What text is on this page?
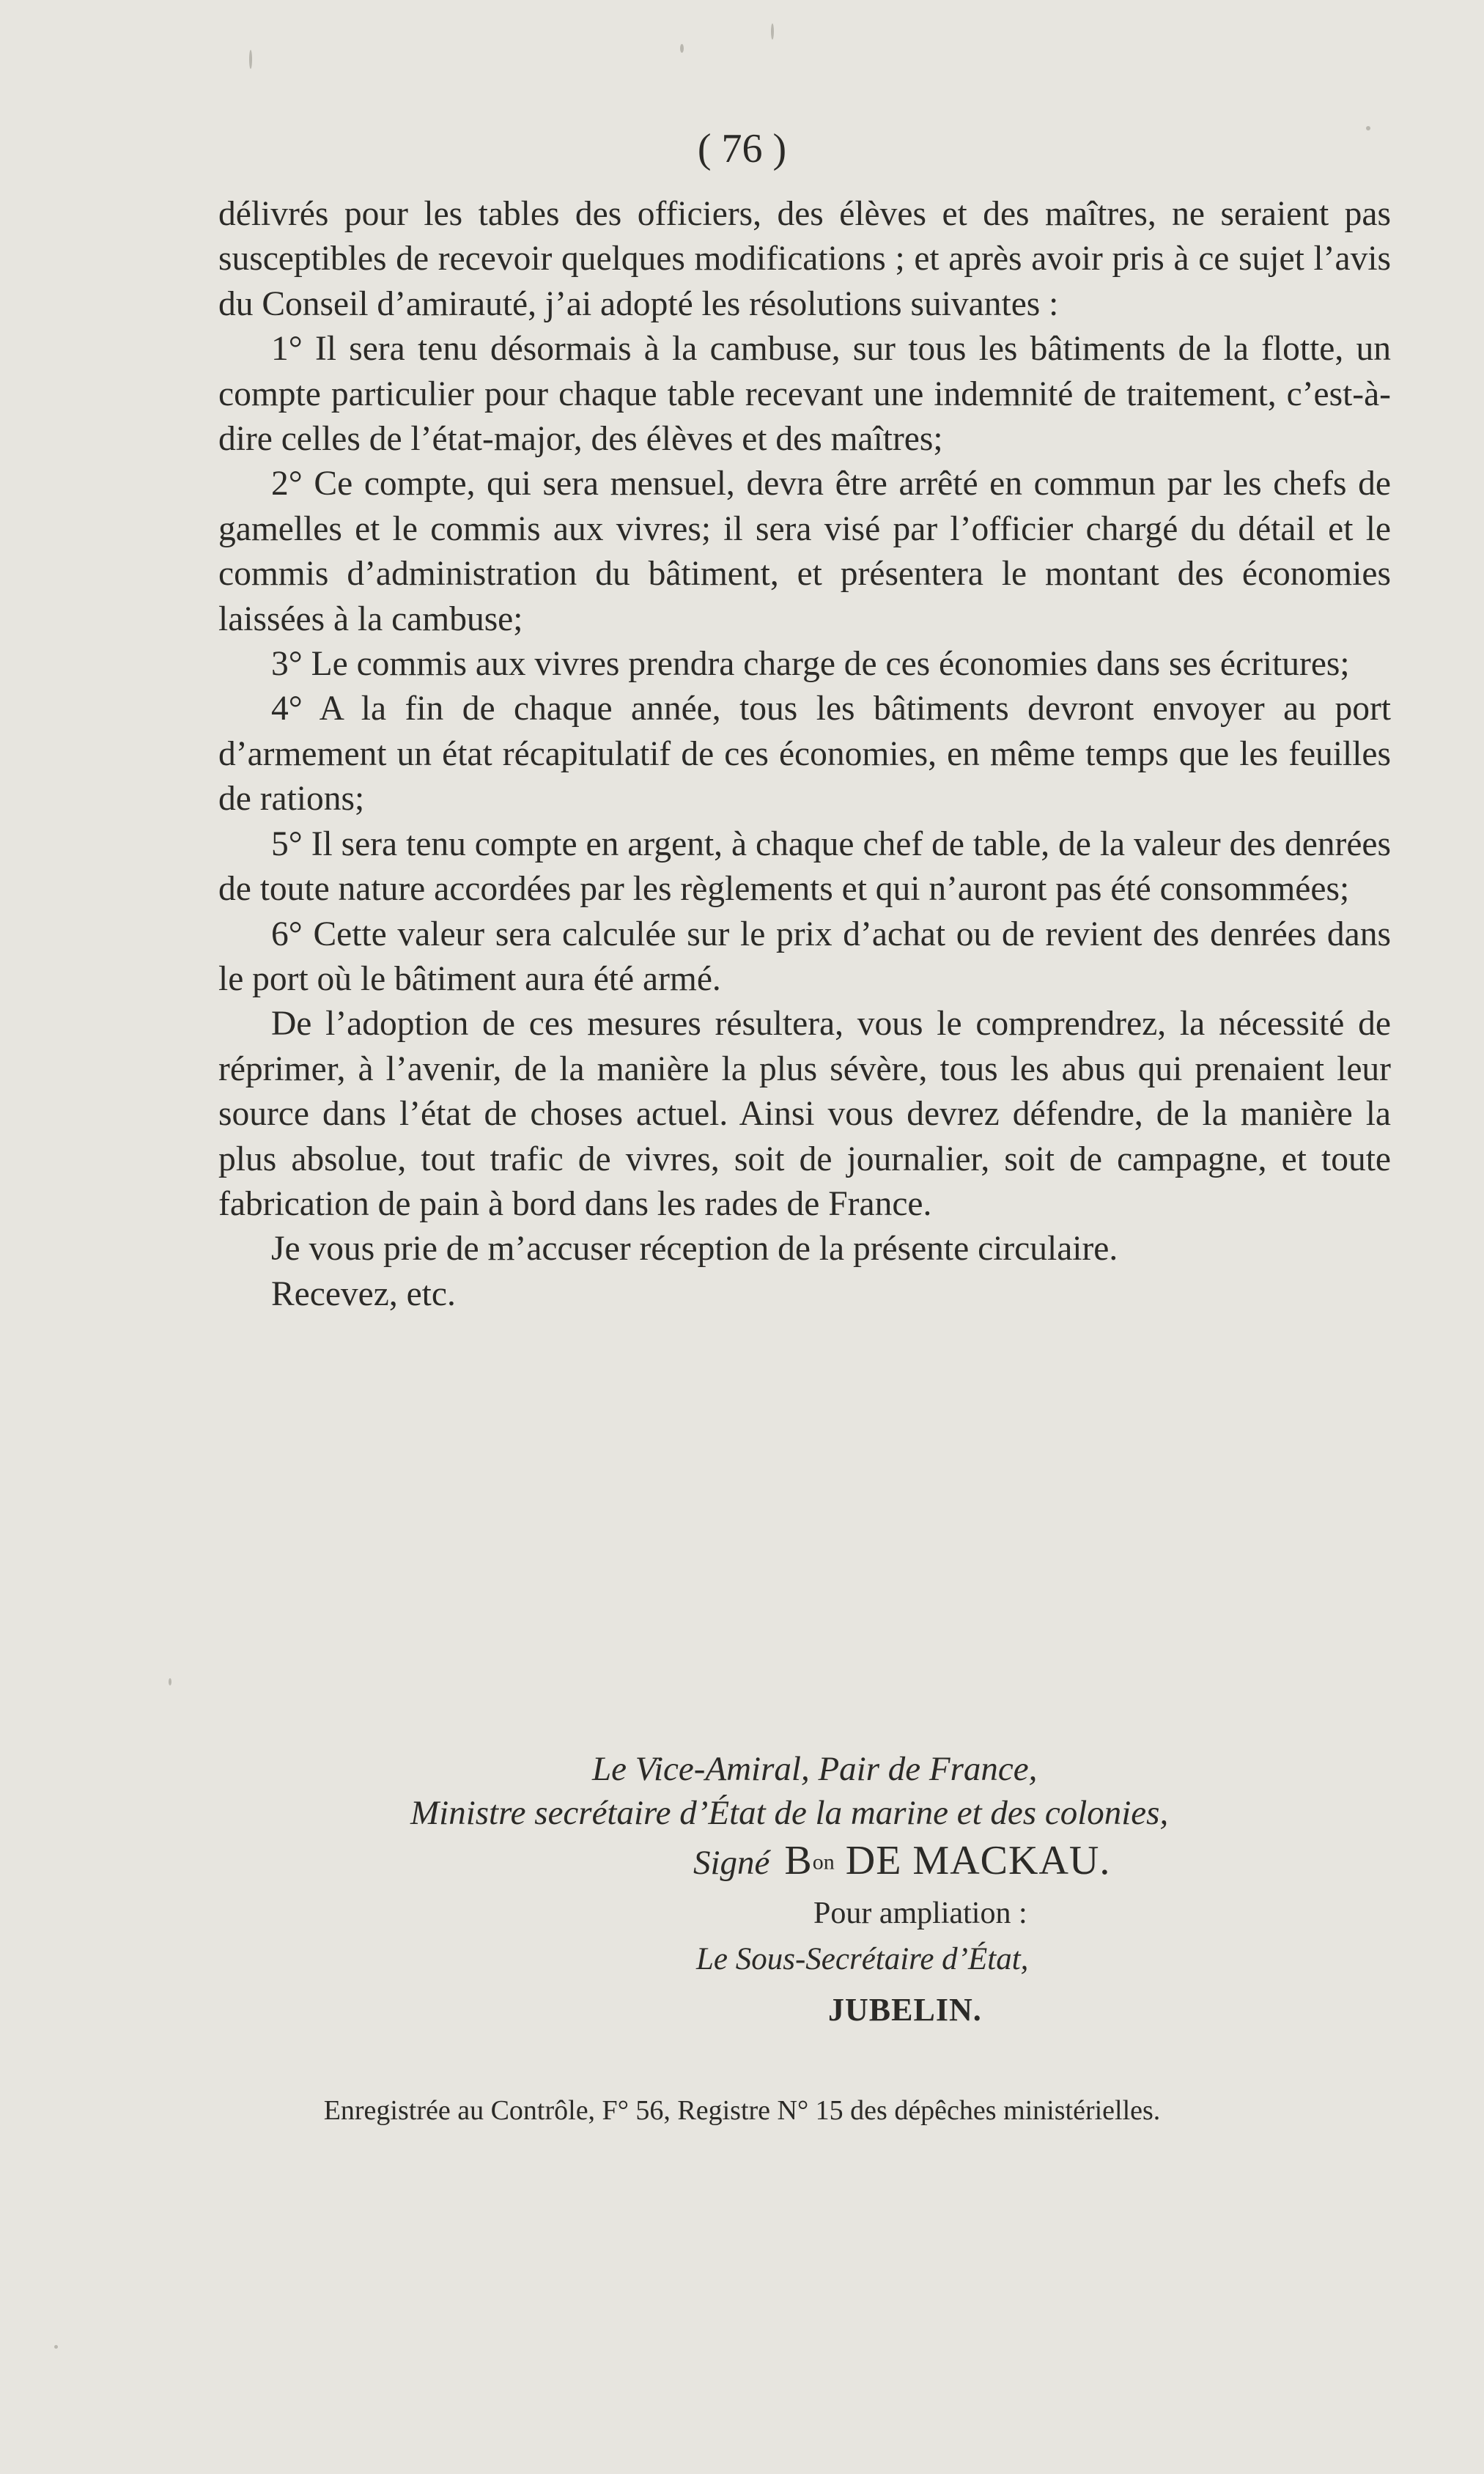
( 76 )

délivrés pour les tables des officiers, des élèves et des maîtres, ne seraient pas susceptibles de recevoir quelques modifications ; et après avoir pris à ce sujet l’avis du Conseil d’amirauté, j’ai adopté les résolutions suivantes :

1° Il sera tenu désormais à la cambuse, sur tous les bâtiments de la flotte, un compte particulier pour chaque table recevant une indemnité de traitement, c’est-à-dire celles de l’état-major, des élèves et des maîtres;

2° Ce compte, qui sera mensuel, devra être arrêté en commun par les chefs de gamelles et le commis aux vivres; il sera visé par l’officier chargé du détail et le commis d’administration du bâtiment, et présentera le montant des économies laissées à la cambuse;

3° Le commis aux vivres prendra charge de ces économies dans ses écritures;

4° A la fin de chaque année, tous les bâtiments devront envoyer au port d’armement un état récapitulatif de ces économies, en même temps que les feuilles de rations;

5° Il sera tenu compte en argent, à chaque chef de table, de la valeur des denrées de toute nature accordées par les règlements et qui n’auront pas été consommées;

6° Cette valeur sera calculée sur le prix d’achat ou de revient des denrées dans le port où le bâtiment aura été armé.

De l’adoption de ces mesures résultera, vous le comprendrez, la nécessité de réprimer, à l’avenir, de la manière la plus sévère, tous les abus qui prenaient leur source dans l’état de choses actuel. Ainsi vous devrez défendre, de la manière la plus absolue, tout trafic de vivres, soit de journalier, soit de campagne, et toute fabrication de pain à bord dans les rades de France.

Je vous prie de m’accuser réception de la présente circulaire.

Recevez, etc.

Le Vice-Amiral, Pair de France,
Ministre secrétaire d’État de la marine et des colonies,
Signé $B^{on}$ DE MACKAU.
Pour ampliation :
Le Sous-Secrétaire d’État,
JUBELIN.
Enregistrée au Contrôle, F° 56, Registre N° 15 des dépêches ministérielles.
